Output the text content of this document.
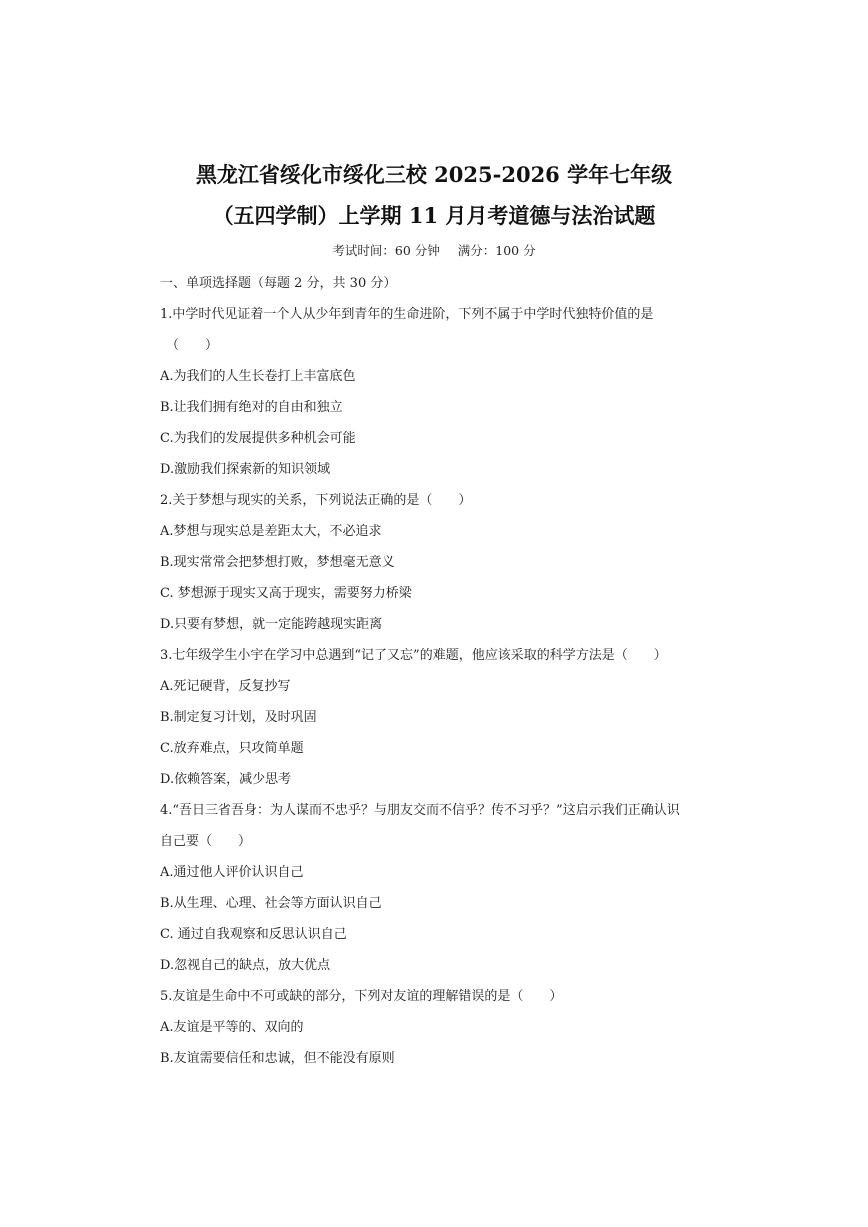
黑龙江省绥化市绥化三校 2025-2026 学年七年级
（五四学制）上学期 11 月月考道德与法治试题
考试时间：60 分钟 满分：100 分
一、单项选择题（每题 2 分，共 30 分）
1.中学时代见证着一个人从少年到青年的生命进阶，下列不属于中学时代独特价值的是
（　　）
A.为我们的人生长卷打上丰富底色
B.让我们拥有绝对的自由和独立
C.为我们的发展提供多种机会可能
D.激励我们探索新的知识领域
2.关于梦想与现实的关系，下列说法正确的是（　　）
A.梦想与现实总是差距太大，不必追求
B.现实常常会把梦想打败，梦想毫无意义
C. 梦想源于现实又高于现实，需要努力桥梁
D.只要有梦想，就一定能跨越现实距离
3.七年级学生小宇在学习中总遇到“记了又忘”的难题，他应该采取的科学方法是（　　）
A.死记硬背，反复抄写
B.制定复习计划，及时巩固
C.放弃难点，只攻简单题
D.依赖答案，减少思考
4.“吾日三省吾身：为人谋而不忠乎？与朋友交而不信乎？传不习乎？”这启示我们正确认识
自己要（　　）
A.通过他人评价认识自己
B.从生理、心理、社会等方面认识自己
C. 通过自我观察和反思认识自己
D.忽视自己的缺点，放大优点
5.友谊是生命中不可或缺的部分，下列对友谊的理解错误的是（　　）
A.友谊是平等的、双向的
B.友谊需要信任和忠诚，但不能没有原则
